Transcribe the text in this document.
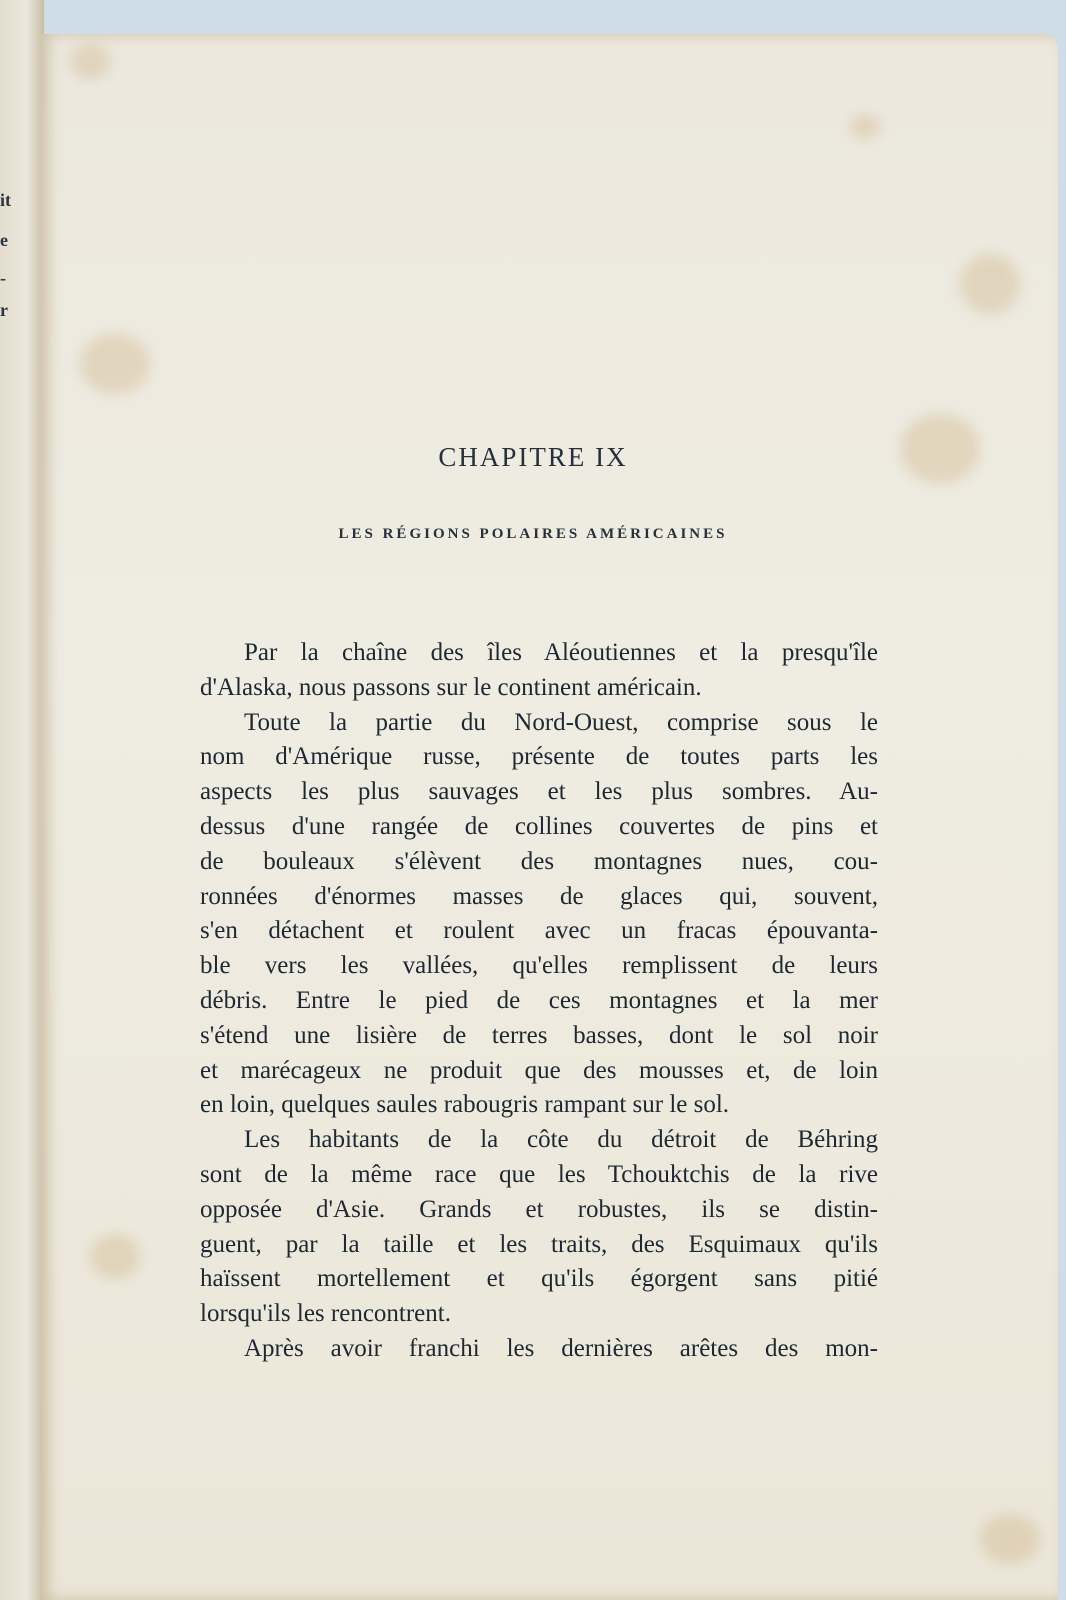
it
e
-
r
CHAPITRE IX
LES RÉGIONS POLAIRES AMÉRICAINES
Par la chaîne des îles Aléoutiennes et la presqu'île
d'Alaska, nous passons sur le continent américain.
Toute la partie du Nord-Ouest, comprise sous le
nom d'Amérique russe, présente de toutes parts les
aspects les plus sauvages et les plus sombres. Au-
dessus d'une rangée de collines couvertes de pins et
de bouleaux s'élèvent des montagnes nues, cou-
ronnées d'énormes masses de glaces qui, souvent,
s'en détachent et roulent avec un fracas épouvanta-
ble vers les vallées, qu'elles remplissent de leurs
débris. Entre le pied de ces montagnes et la mer
s'étend une lisière de terres basses, dont le sol noir
et marécageux ne produit que des mousses et, de loin
en loin, quelques saules rabougris rampant sur le sol.
Les habitants de la côte du détroit de Béhring
sont de la même race que les Tchouktchis de la rive
opposée d'Asie. Grands et robustes, ils se distin-
guent, par la taille et les traits, des Esquimaux qu'ils
haïssent mortellement et qu'ils égorgent sans pitié
lorsqu'ils les rencontrent.
Après avoir franchi les dernières arêtes des mon-
